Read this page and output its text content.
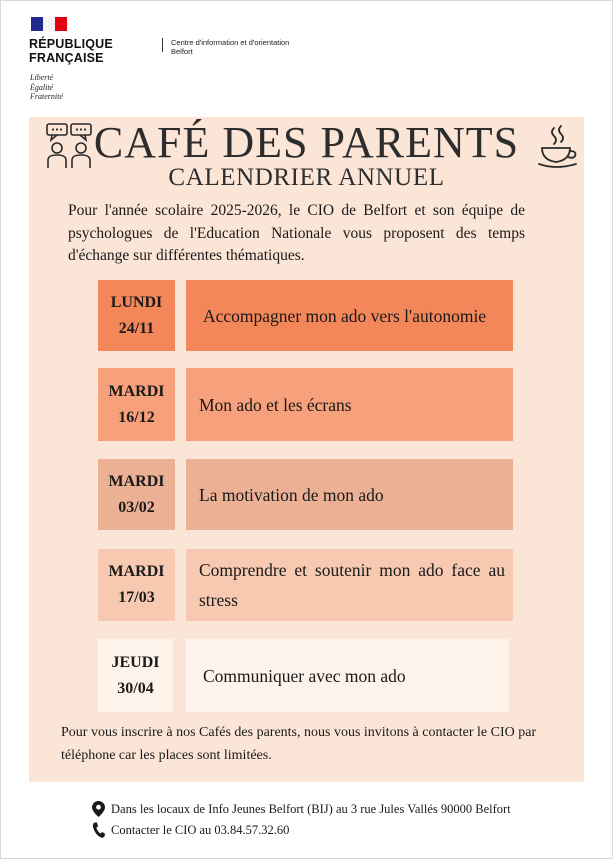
RÉPUBLIQUE
FRANÇAISE
Liberté
Égalité
Fraternité
Centre d'information et d'orientation
Belfort
CAFÉ DES PARENTS
CALENDRIER ANNUEL
Pour l'année scolaire 2025-2026, le CIO de Belfort et son équipe de psychologues de l'Education Nationale vous proposent des temps d'échange sur différentes thématiques.
LUNDI
24/11
Accompagner mon ado vers l'autonomie
MARDI
16/12
Mon ado et les écrans
MARDI
03/02
La motivation de mon ado
MARDI
17/03
Comprendre et soutenir mon ado face au stress
JEUDI
30/04
Communiquer avec mon ado
Pour vous inscrire à nos Cafés des parents, nous vous invitons à contacter le CIO par téléphone car les places sont limitées.
Dans les locaux de Info Jeunes Belfort (BIJ) au 3 rue Jules Vallés 90000 Belfort
Contacter le CIO au 03.84.57.32.60
